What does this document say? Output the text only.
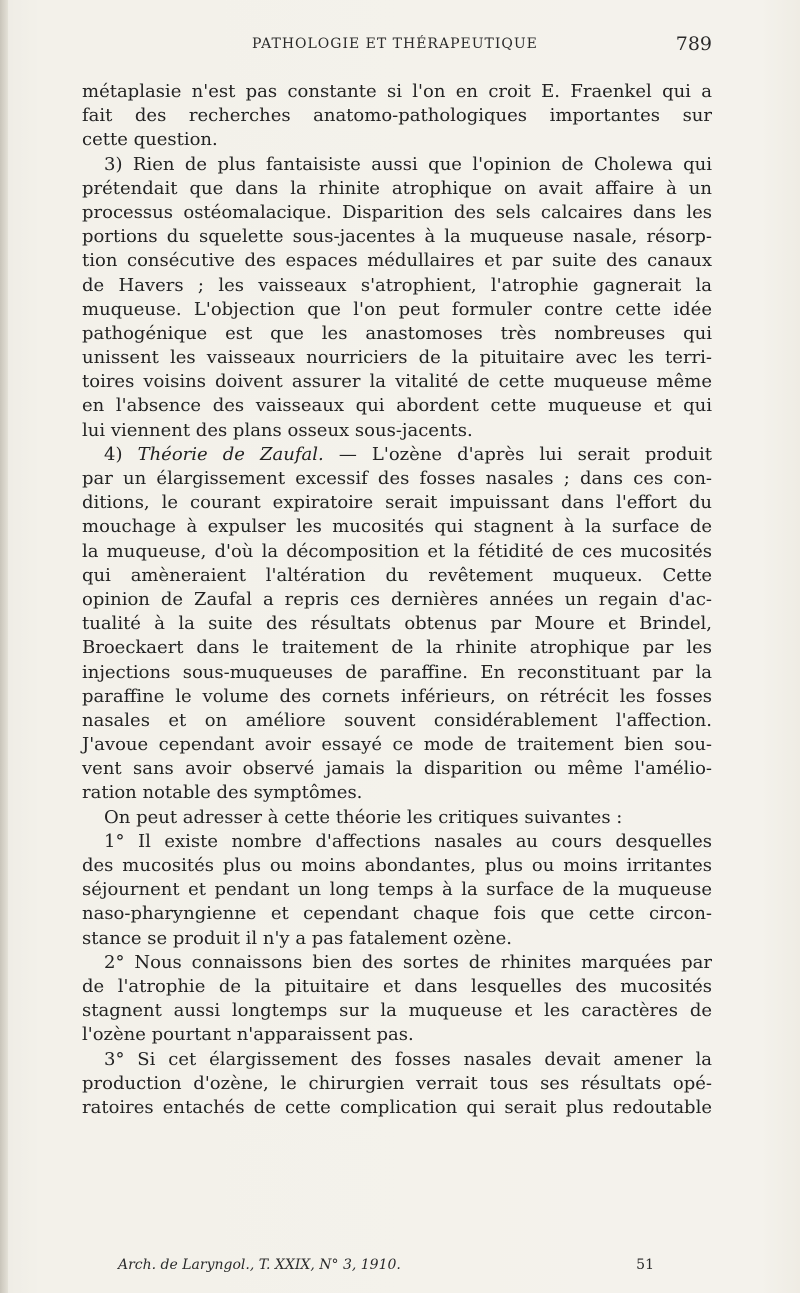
PATHOLOGIE ET THÉRAPEUTIQUE	789
métaplasie n'est pas constante si l'on en croit E. Fraenkel qui a
fait des recherches anatomo-pathologiques importantes sur
cette question.
3) Rien de plus fantaisiste aussi que l'opinion de Cholewa qui
prétendait que dans la rhinite atrophique on avait affaire à un
processus ostéomalacique. Disparition des sels calcaires dans les
portions du squelette sous-jacentes à la muqueuse nasale, résorp-
tion consécutive des espaces médullaires et par suite des canaux
de Havers ; les vaisseaux s'atrophient, l'atrophie gagnerait la
muqueuse. L'objection que l'on peut formuler contre cette idée
pathogénique est que les anastomoses très nombreuses qui
unissent les vaisseaux nourriciers de la pituitaire avec les terri-
toires voisins doivent assurer la vitalité de cette muqueuse même
en l'absence des vaisseaux qui abordent cette muqueuse et qui
lui viennent des plans osseux sous-jacents.
4) Théorie de Zaufal. — L'ozène d'après lui serait produit
par un élargissement excessif des fosses nasales ; dans ces con-
ditions, le courant expiratoire serait impuissant dans l'effort du
mouchage à expulser les mucosités qui stagnent à la surface de
la muqueuse, d'où la décomposition et la fétidité de ces mucosités
qui amèneraient l'altération du revêtement muqueux. Cette
opinion de Zaufal a repris ces dernières années un regain d'ac-
tualité à la suite des résultats obtenus par Moure et Brindel,
Broeckaert dans le traitement de la rhinite atrophique par les
injections sous-muqueuses de paraffine. En reconstituant par la
paraffine le volume des cornets inférieurs, on rétrécit les fosses
nasales et on améliore souvent considérablement l'affection.
J'avoue cependant avoir essayé ce mode de traitement bien sou-
vent sans avoir observé jamais la disparition ou même l'amélio-
ration notable des symptômes.
On peut adresser à cette théorie les critiques suivantes :
1° Il existe nombre d'affections nasales au cours desquelles
des mucosités plus ou moins abondantes, plus ou moins irritantes
séjournent et pendant un long temps à la surface de la muqueuse
naso-pharyngienne et cependant chaque fois que cette circon-
stance se produit il n'y a pas fatalement ozène.
2° Nous connaissons bien des sortes de rhinites marquées par
de l'atrophie de la pituitaire et dans lesquelles des mucosités
stagnent aussi longtemps sur la muqueuse et les caractères de
l'ozène pourtant n'apparaissent pas.
3° Si cet élargissement des fosses nasales devait amener la
production d'ozène, le chirurgien verrait tous ses résultats opé-
ratoires entachés de cette complication qui serait plus redoutable
Arch. de Laryngol., T. XXIX, N° 3, 1910.	51
